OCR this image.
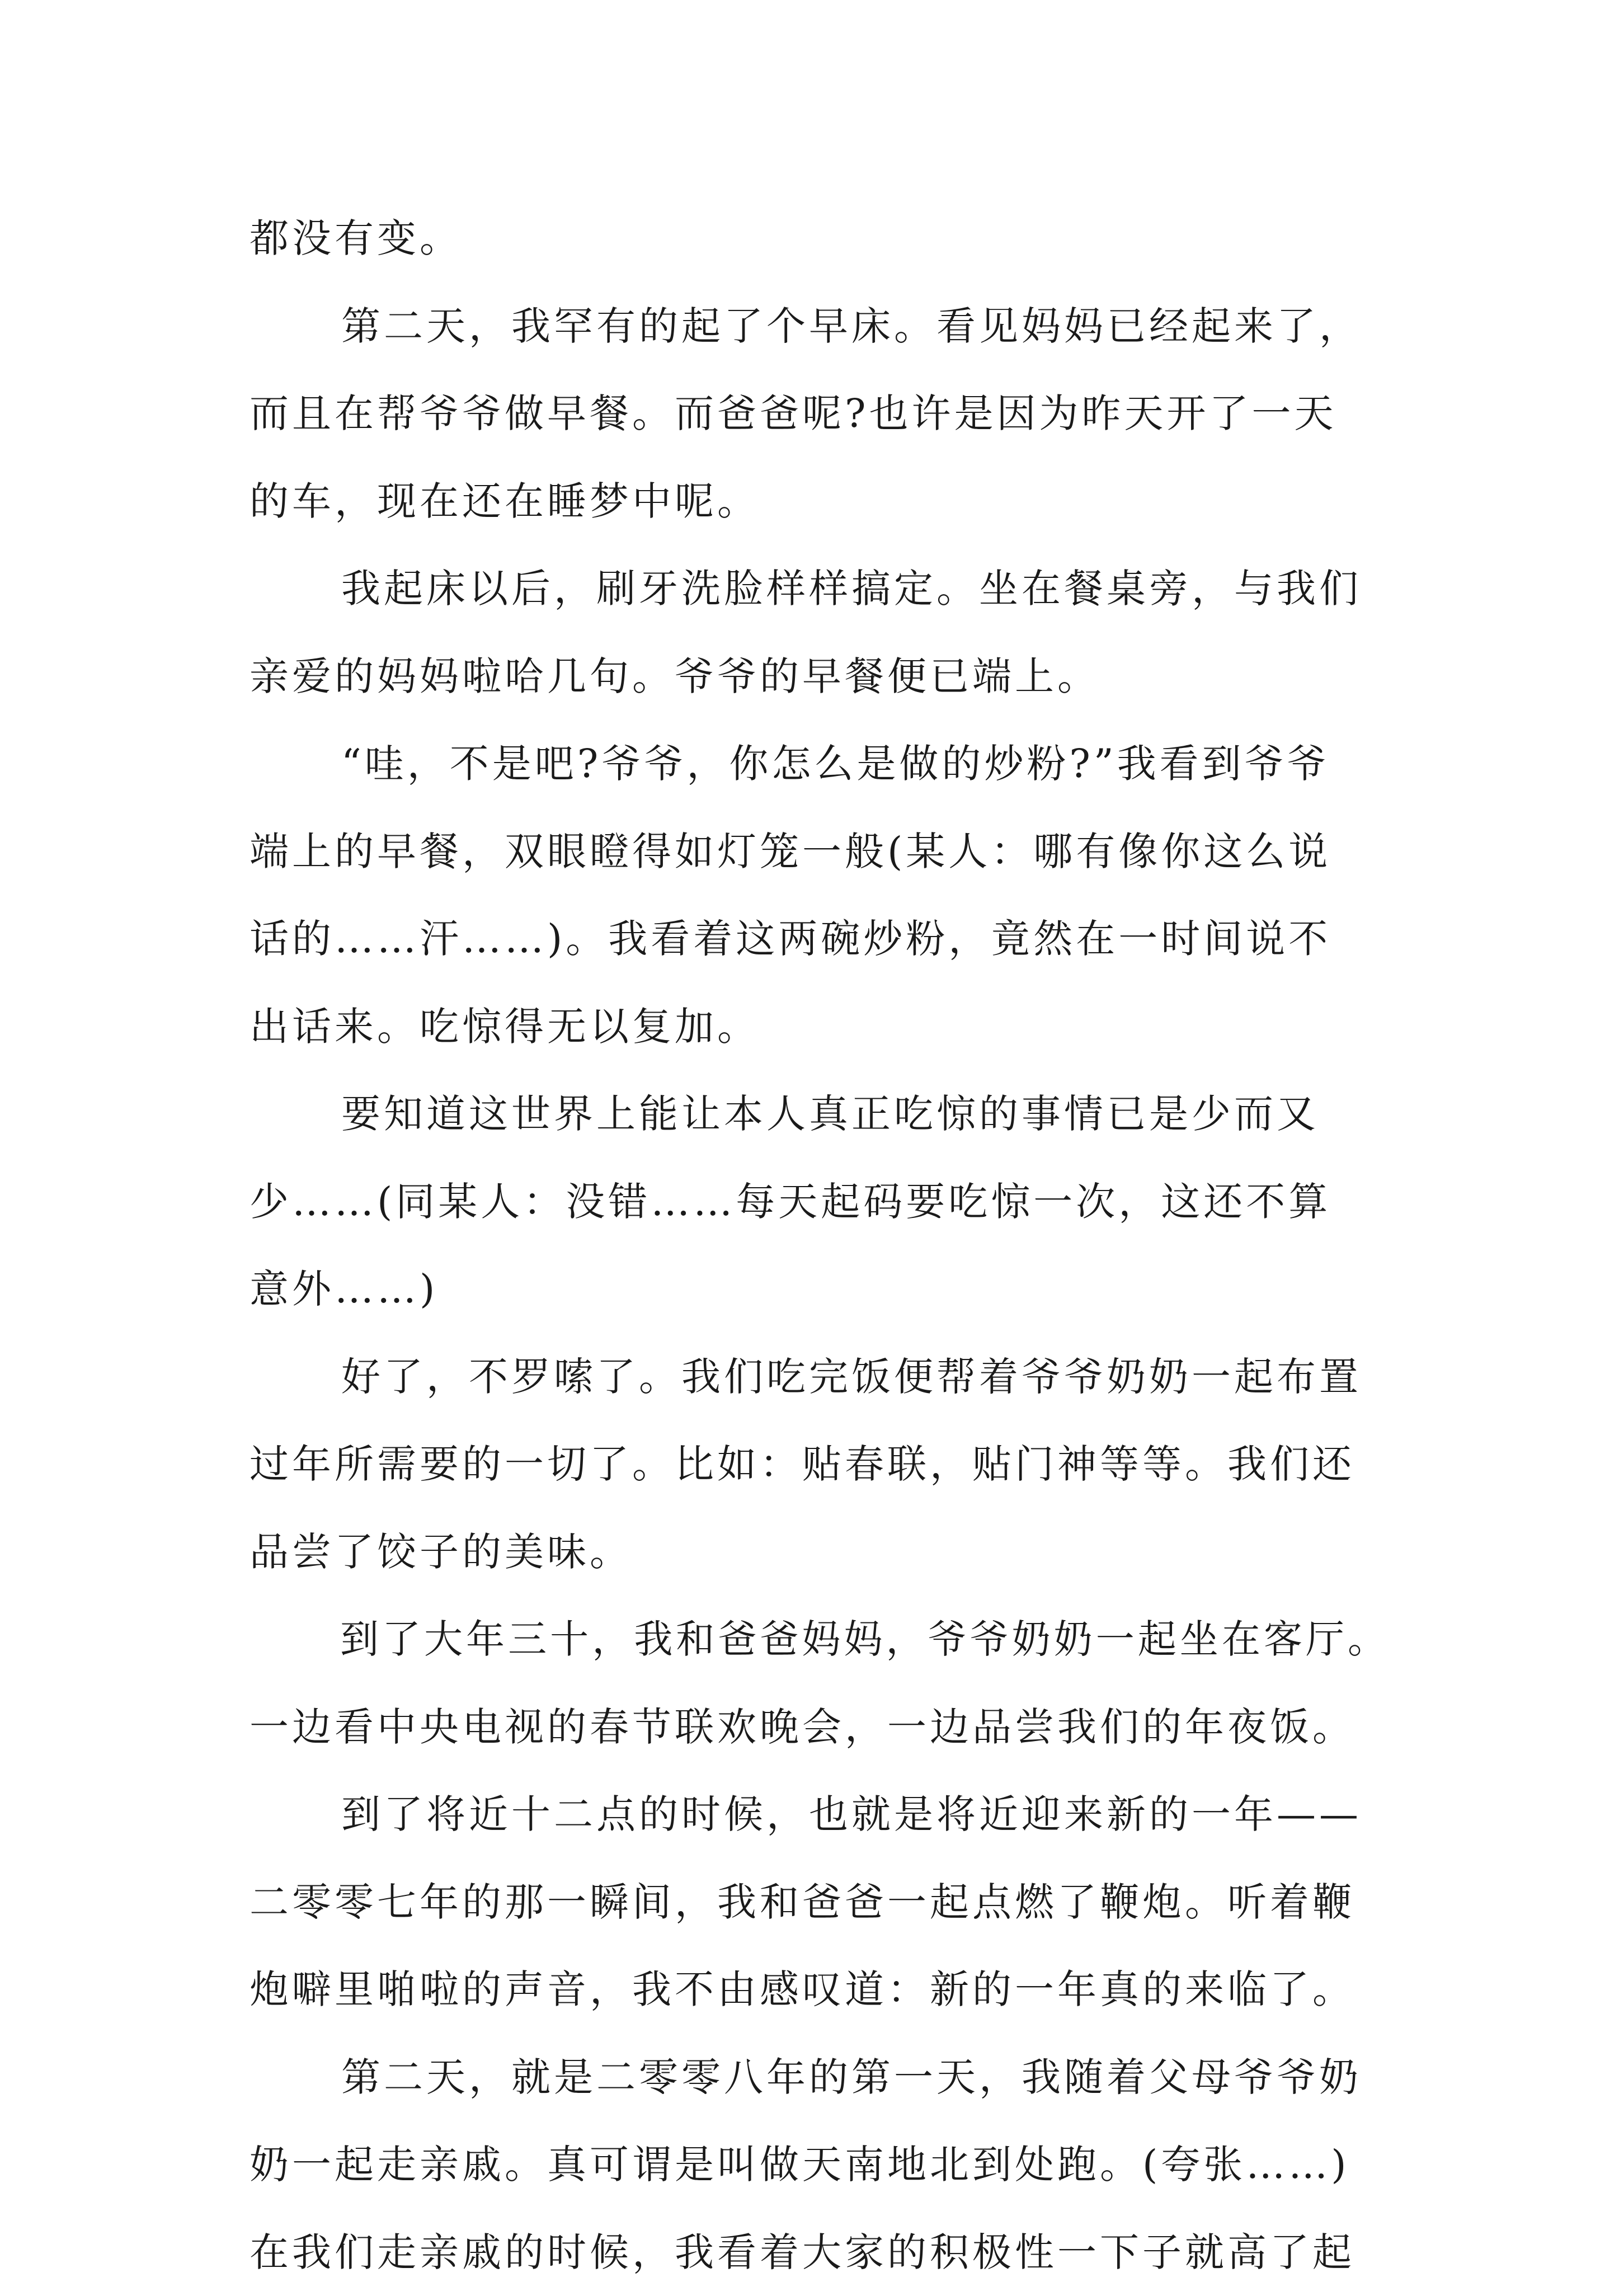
都没有变。
第二天，我罕有的起了个早床。看见妈妈已经起来了，
而且在帮爷爷做早餐。而爸爸呢?也许是因为昨天开了一天
的车，现在还在睡梦中呢。
我起床以后，刷牙洗脸样样搞定。坐在餐桌旁，与我们
亲爱的妈妈啦哈几句。爷爷的早餐便已端上。
“哇，不是吧?爷爷，你怎么是做的炒粉?”我看到爷爷
端上的早餐，双眼瞪得如灯笼一般(某人：哪有像你这么说
话的……汗……)。我看着这两碗炒粉，竟然在一时间说不
出话来。吃惊得无以复加。
要知道这世界上能让本人真正吃惊的事情已是少而又
少……(同某人：没错……每天起码要吃惊一次，这还不算
意外……)
好了，不罗嗦了。我们吃完饭便帮着爷爷奶奶一起布置
过年所需要的一切了。比如：贴春联，贴门神等等。我们还
品尝了饺子的美味。
到了大年三十，我和爸爸妈妈，爷爷奶奶一起坐在客厅。
一边看中央电视的春节联欢晚会，一边品尝我们的年夜饭。
到了将近十二点的时候，也就是将近迎来新的一年——
二零零七年的那一瞬间，我和爸爸一起点燃了鞭炮。听着鞭
炮噼里啪啦的声音，我不由感叹道：新的一年真的来临了。
第二天，就是二零零八年的第一天，我随着父母爷爷奶
奶一起走亲戚。真可谓是叫做天南地北到处跑。(夸张……)
在我们走亲戚的时候，我看着大家的积极性一下子就高了起
